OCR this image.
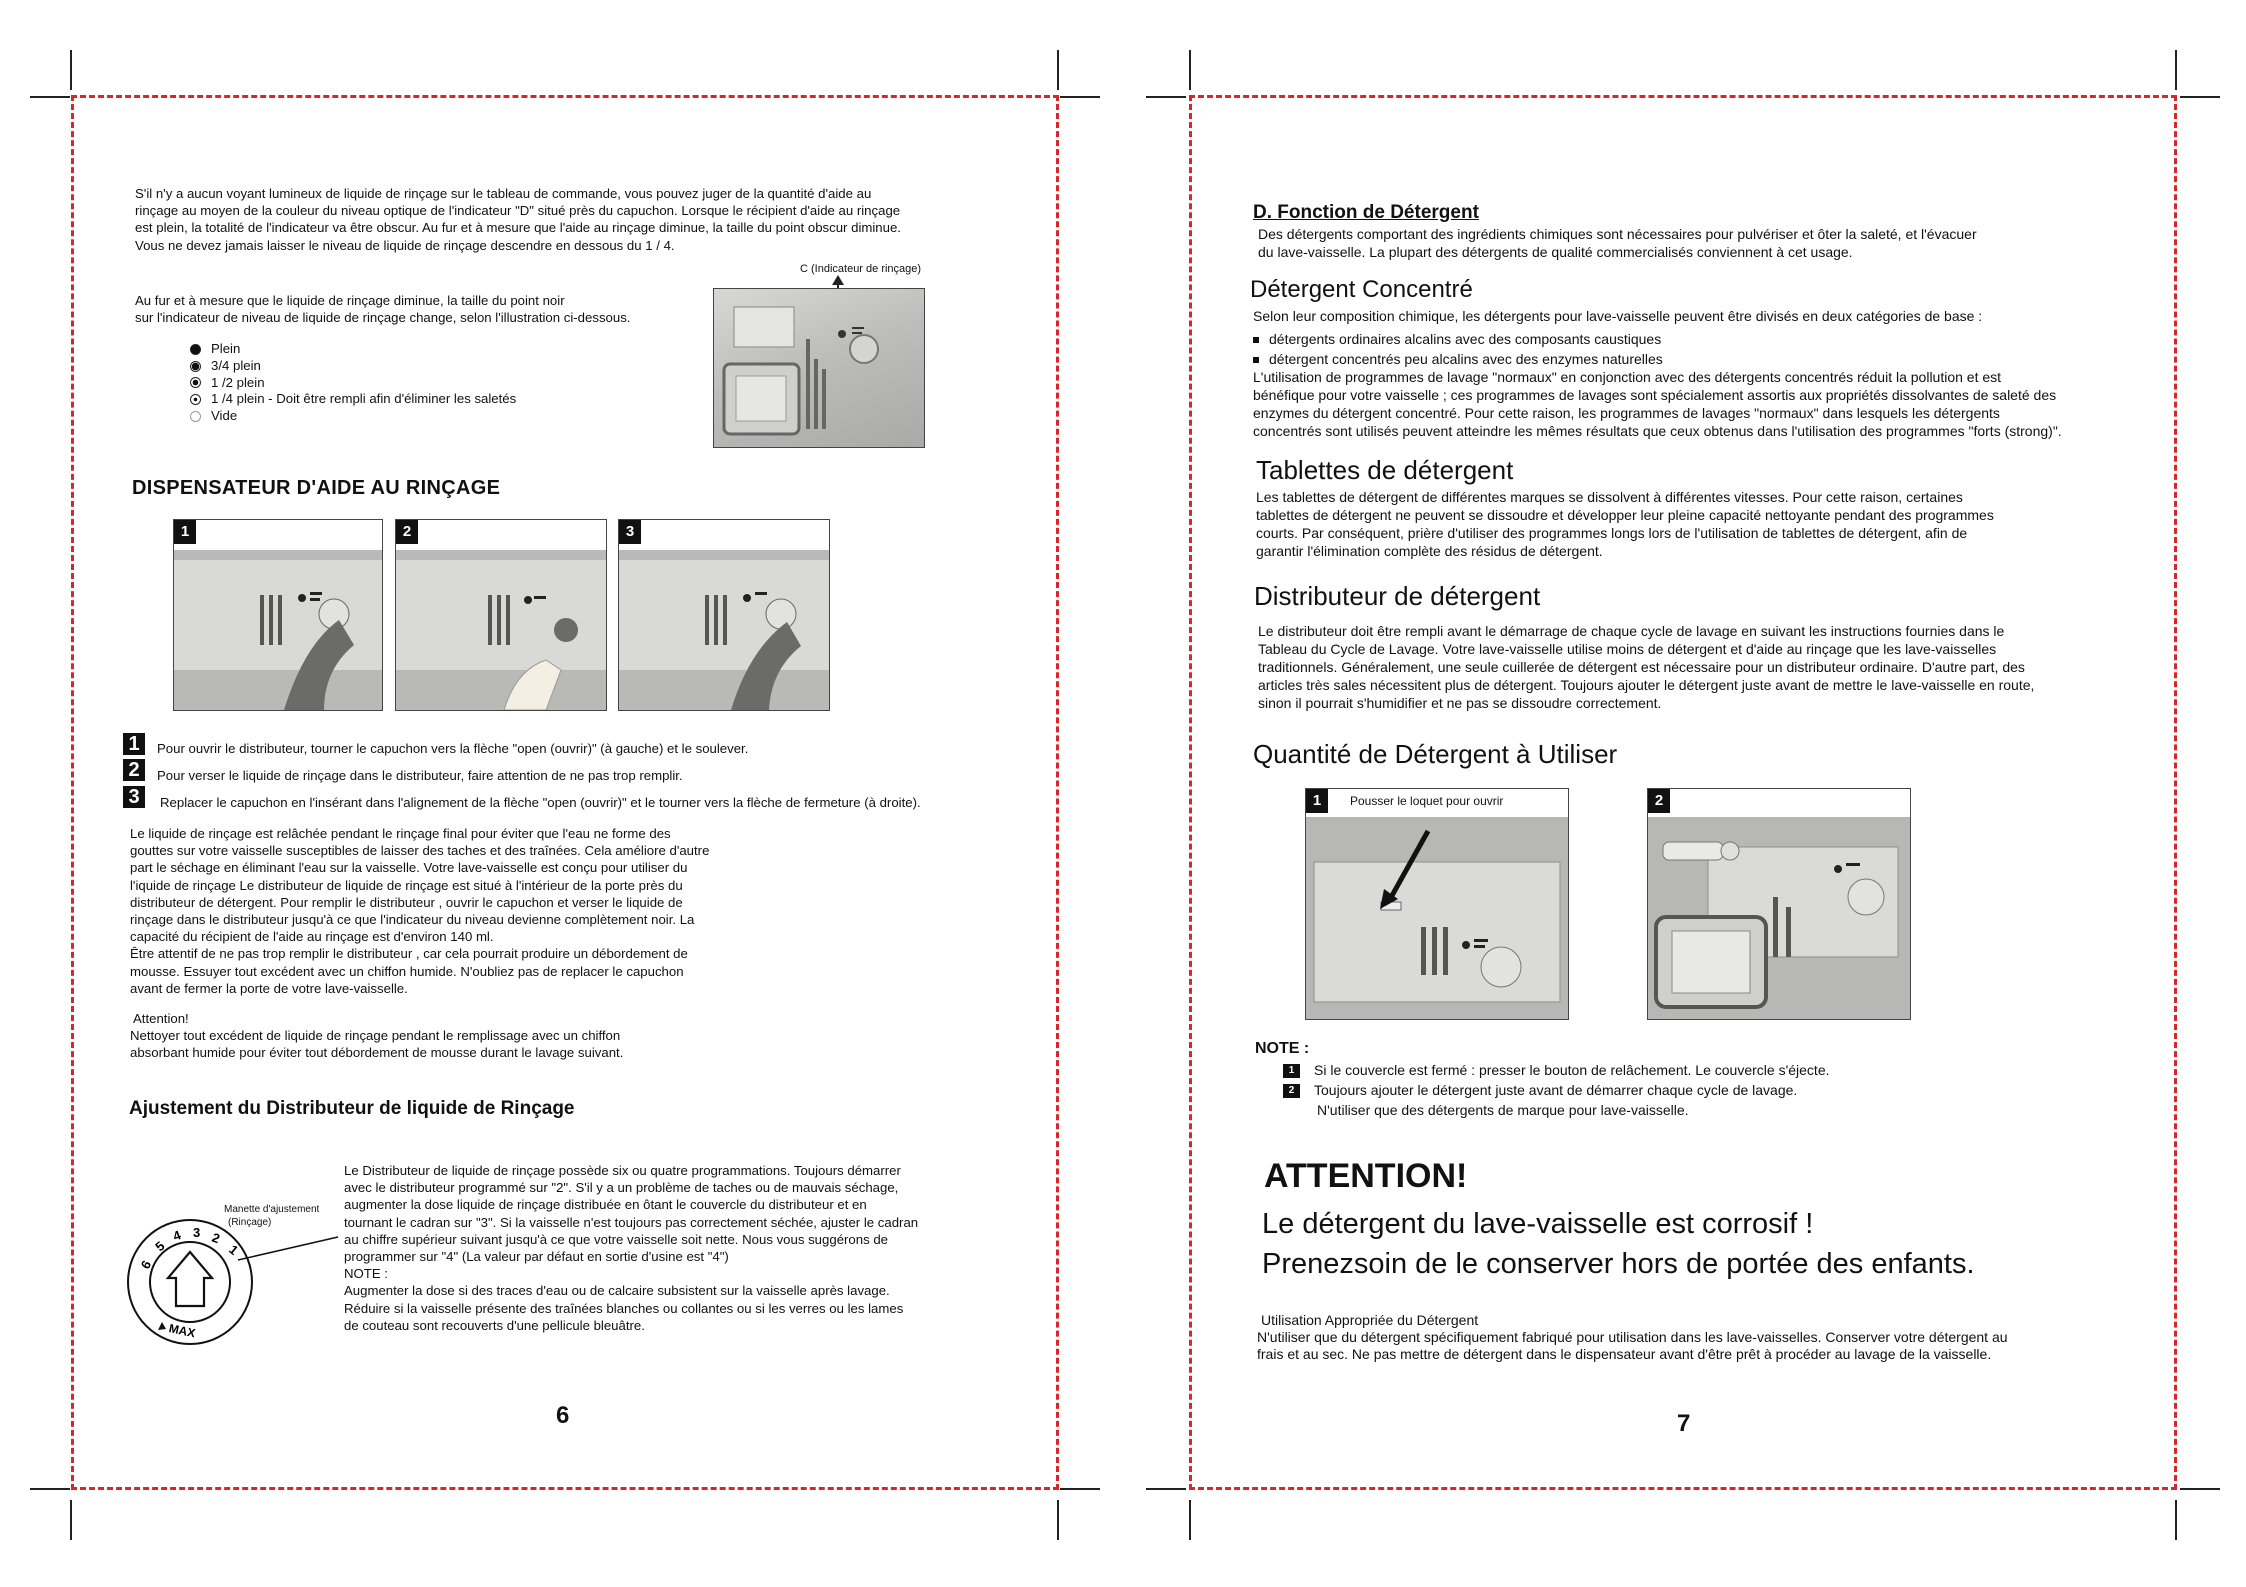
S'il n'y a aucun voyant lumineux de liquide de rinçage sur le tableau de commande, vous pouvez juger de la quantité d'aide au
rinçage au moyen de la couleur du niveau optique de l'indicateur "D" situé près du capuchon. Lorsque le récipient d'aide au rinçage
est plein, la totalité de l'indicateur va être obscur. Au fur et à mesure que l'aide au rinçage diminue, la taille du point obscur diminue.
Vous ne devez jamais laisser le niveau de liquide de rinçage descendre en dessous du 1 / 4.
C (Indicateur de rinçage)
Au fur et à mesure que le liquide de rinçage diminue, la taille du point noir
sur l'indicateur de niveau de liquide de rinçage change, selon l'illustration ci-dessous.
Plein
3/4 plein
1 /2 plein
1 /4 plein - Doit être rempli afin d'éliminer les saletés
Vide
DISPENSATEUR D'AIDE AU RINÇAGE
1	2	3
1	Pour ouvrir le distributeur, tourner le capuchon vers la flèche "open (ouvrir)" (à gauche) et le soulever.
2	Pour verser le liquide de rinçage dans le distributeur, faire attention de ne pas trop remplir.
3	Replacer le capuchon en l'insérant dans l'alignement de la flèche "open (ouvrir)" et le tourner vers la flèche de fermeture (à droite).
Le liquide de rinçage est relâchée pendant le rinçage final pour éviter que l'eau ne forme des
gouttes sur votre vaisselle susceptibles de laisser des taches et des traînées. Cela améliore d'autre
part le séchage en éliminant l'eau sur la vaisselle. Votre lave-vaisselle est conçu pour utiliser du
l'iquide de rinçage Le distributeur de liquide de rinçage est situé à l'intérieur de la porte près du
distributeur de détergent. Pour remplir le distributeur , ouvrir le capuchon et verser le liquide de
rinçage dans le distributeur jusqu'à ce que l'indicateur du niveau devienne complètement noir. La
capacité du récipient de l'aide au rinçage est d'environ 140 ml.
Être attentif de ne pas trop remplir le distributeur , car cela pourrait produire un débordement de
mousse. Essuyer tout excédent avec un chiffon humide. N'oubliez pas de replacer le capuchon
avant de fermer la porte de votre lave-vaisselle.
Attention!
Nettoyer tout excédent de liquide de rinçage pendant le remplissage avec un chiffon
absorbant humide pour éviter tout débordement de mousse durant le lavage suivant.
Ajustement du Distributeur de liquide de Rinçage
Manette d'ajustement
(Rinçage)
6
5
4 3 2
1
MAX
Le Distributeur de liquide de rinçage possède six ou quatre programmations. Toujours démarrer
avec le distributeur programmé sur "2". S'il y a un problème de taches ou de mauvais séchage,
augmenter la dose liquide de rinçage distribuée en ôtant le couvercle du distributeur et en
tournant le cadran sur "3". Si la vaisselle n'est toujours pas correctement séchée, ajuster le cadran
au chiffre supérieur suivant jusqu'à ce que votre vaisselle soit nette. Nous vous suggérons de
programmer sur "4" (La valeur par défaut en sortie d'usine est "4")
NOTE :
Augmenter la dose si des traces d'eau ou de calcaire subsistent sur la vaisselle après lavage.
Réduire si la vaisselle présente des traînées blanches ou collantes ou si les verres ou les lames
de couteau sont recouverts d'une pellicule bleuâtre.
6
D. Fonction de Détergent
Des détergents comportant des ingrédients chimiques sont nécessaires pour pulvériser et ôter la saleté, et l'évacuer
du lave-vaisselle. La plupart des détergents de qualité commercialisés conviennent à cet usage.
Détergent Concentré
Selon leur composition chimique, les détergents pour lave-vaisselle peuvent être divisés en deux catégories de base :
détergents ordinaires alcalins avec des composants caustiques
détergent concentrés peu alcalins avec des enzymes naturelles
L'utilisation de programmes de lavage "normaux" en conjonction avec des détergents concentrés réduit la pollution et est
bénéfique pour votre vaisselle ; ces programmes de lavages sont spécialement assortis aux propriétés dissolvantes de saleté des
enzymes du détergent concentré. Pour cette raison, les programmes de lavages "normaux" dans lesquels les détergents
concentrés sont utilisés peuvent atteindre les mêmes résultats que ceux obtenus dans l'utilisation des programmes "forts (strong)".
Tablettes de détergent
Les tablettes de détergent de différentes marques se dissolvent à différentes vitesses. Pour cette raison, certaines
tablettes de détergent ne peuvent se dissoudre et développer leur pleine capacité nettoyante pendant des programmes
courts. Par conséquent, prière d'utiliser des programmes longs lors de l'utilisation de tablettes de détergent, afin de
garantir l'élimination complète des résidus de détergent.
Distributeur de détergent
Le distributeur doit être rempli avant le démarrage de chaque cycle de lavage en suivant les instructions fournies dans le
Tableau du Cycle de Lavage. Votre lave-vaisselle utilise moins de détergent et d'aide au rinçage que les lave-vaisselles
traditionnels. Généralement, une seule cuillerée de détergent est nécessaire pour un distributeur ordinaire. D'autre part, des
articles très sales nécessitent plus de détergent. Toujours ajouter le détergent juste avant de mettre le lave-vaisselle en route,
sinon il pourrait s'humidifier et ne pas se dissoudre correctement.
Quantité de Détergent à Utiliser
1	Pousser le loquet pour ouvrir	2
NOTE :
1 Si le couvercle est fermé : presser le bouton de relâchement. Le couvercle s'éjecte.
2 Toujours ajouter le détergent juste avant de démarrer chaque cycle de lavage.
N'utiliser que des détergents de marque pour lave-vaisselle.
ATTENTION!
Le détergent du lave-vaisselle est corrosif !
Prenezsoin de le conserver hors de portée des enfants.
Utilisation Appropriée du Détergent
N'utiliser que du détergent spécifiquement fabriqué pour utilisation dans les lave-vaisselles. Conserver votre détergent au
frais et au sec. Ne pas mettre de détergent dans le dispensateur avant d'être prêt à procéder au lavage de la vaisselle.
7
